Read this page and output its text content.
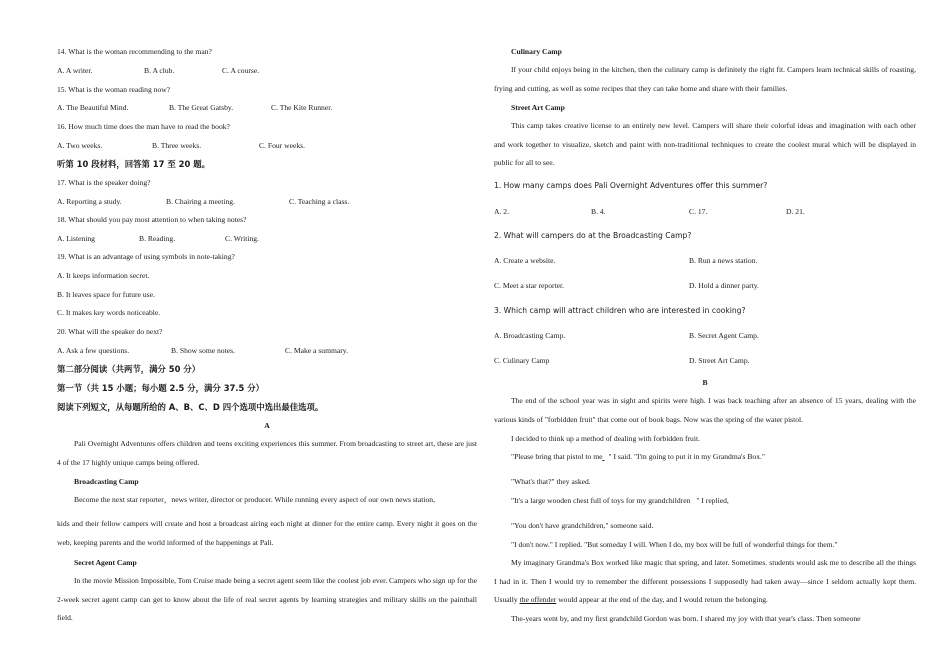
14. What is the woman recommending to the man?
A. A writer.	B. A club.	C. A course.
15. What is the woman reading now?
A. The Beautiful Mind.	B. The Great Gatsby.	C. The Kite Runner.
16. How much time does the man have to read the book?
A. Two weeks.	B. Three weeks.	C. Four weeks.
听第 10 段材料，回答第 17 至 20 题。
17. What is the speaker doing?
A. Reporting a study.	B. Chairing a meeting.	C. Teaching a class.
18. What should you pay most attention to when taking notes?
A. Listening	B. Reading.	C. Writing.
19. What is an advantage of using symbols in note-taking?
A. It keeps information secret.
B. It leaves space for future use.
C. It makes key words noticeable.
20. What will the speaker do next?
A. Ask a few questions.	B. Show some notes.	C. Make a summary.
第二部分阅读（共两节，满分 50 分）
第一节（共 15 小题；每小题 2.5 分，满分 37.5 分）
阅读下列短文，从每题所给的 A、B、C、D 四个选项中选出最佳选项。
A
Pali Overnight Adventures offers children and teens exciting experiences this summer. From broadcasting to street art, these are just 4 of the 17 highly unique camps being offered.
Broadcasting Camp
Become the next star reporter，news writer, director or producer. While running every aspect of our own news station,
kids and their fellow campers will create and host a broadcast airing each night at dinner for the entire camp. Every night it goes on the web, keeping parents and the world informed of the happenings at Pali.
Secret Agent Camp
In the movie Mission Impossible, Tom Cruise made being a secret agent seem like the coolest job ever. Campers who sign up for the 2-week secret agent camp can get to know about the life of real secret agents by learning strategies and military skills on the paintball field.
Culinary Camp
If your child enjoys being in the kitchen, then the culinary camp is definitely the right fit. Campers learn technical skills of roasting, frying and cutting, as well as some recipes that they can take home and share with their families.
Street Art Camp
This camp takes creative license to an entirely new level. Campers will share their colorful ideas and imagination with each other and work together to visualize, sketch and paint with non-traditional techniques to create the coolest mural which will be displayed in public for all to see.
1. How many camps does Pali Overnight Adventures offer this summer?
A. 2.	B. 4.	C. 17.	D. 21.
2. What will campers do at the Broadcasting Camp?
A. Create a website.	B. Run a news station.
C. Meet a star reporter.	D. Hold a dinner party.
3. Which camp will attract children who are interested in cooking?
A. Broadcasting Camp.	B. Secret Agent Camp.
C. Culinary Camp	D. Street Art Camp.
B
The end of the school year was in sight and spirits were high. I was back teaching after an absence of 15 years, dealing with the various kinds of "forbidden fruit" that come out of book bags. Now was the spring of the water pistol.
I decided to think up a method of dealing with forbidden fruit.
"Please bring that pistol to me " I said. "I'm going to put it in my Grandma's Box."
"What's that?" they asked.
"It's a large wooden chest full of toys for my grandchildren " I replied,
"You don't have grandchildren," someone said.
"I don't now." I replied. "But someday I will. When I do, my box will be full of wonderful things for them."
My imaginary Grandma's Box worked like magic that spring, and later. Sometimes. students would ask me to describe all the things I had in it. Then I would try to remember the different possessions I supposedly had taken away—since I seldom actually kept them. Usually the offender would appear at the end of the day, and I would return the belonging.
The-years went by, and my first grandchild Gordon was born. I shared my joy with that year's class. Then someone
